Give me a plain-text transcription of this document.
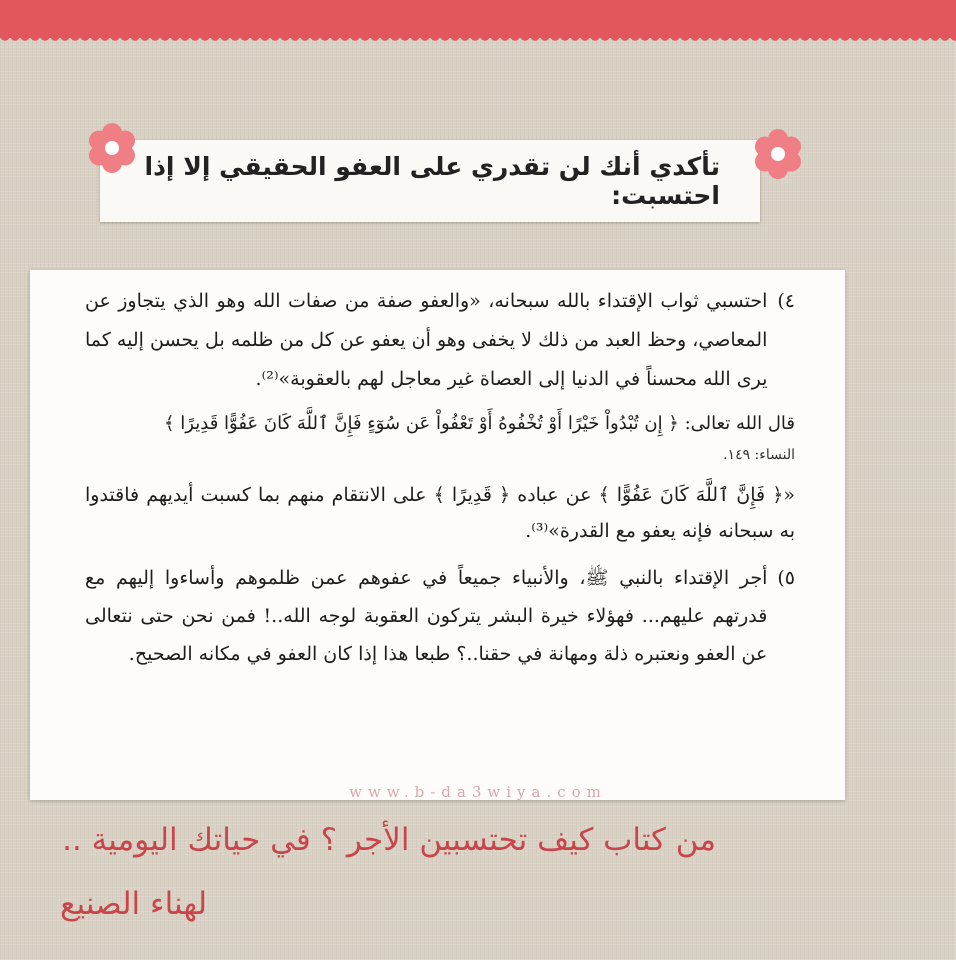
تأكدي أنك لن تقدري على العفو الحقيقي إلا إذا احتسبت:
٤)
احتسبي ثواب الإقتداء بالله سبحانه، «والعفو صفة من صفات الله وهو الذي يتجاوز عن المعاصي، وحظ العبد من ذلك لا يخفى وهو أن يعفو عن كل من ظلمه بل يحسن إليه كما يرى الله محسناً في الدنيا إلى العصاة غير معاجل لهم بالعقوبة»⁽²⁾.
قال الله تعالى: ﴿ إِن تُبْدُواْ خَيْرًا أَوْ تُخْفُوهُ أَوْ تَعْفُواْ عَن سُوٓءٍ فَإِنَّ ٱللَّهَ كَانَ عَفُوًّا قَدِيرًا ﴾
النساء: ١٤٩.
«﴿ فَإِنَّ ٱللَّهَ كَانَ عَفُوًّا ﴾ عن عباده ﴿ قَدِيرًا ﴾ على الانتقام منهم بما كسبت أيديهم فاقتدوا به سبحانه فإنه يعفو مع القدرة»⁽³⁾.
٥)
أجر الإقتداء بالنبي ﷺ، والأنبياء جميعاً في عفوهم عمن ظلموهم وأساءوا إليهم مع قدرتهم عليهم... فهؤلاء خيرة البشر يتركون العقوبة لوجه الله..! فمن نحن حتى نتعالى عن العفو ونعتبره ذلة ومهانة في حقنا..؟ طبعا هذا إذا كان العفو في مكانه الصحيح.
www.b-da3wiya.com
من كتاب كيف تحتسبين الأجر ؟ في حياتك اليومية ..
لهناء الصنيع
